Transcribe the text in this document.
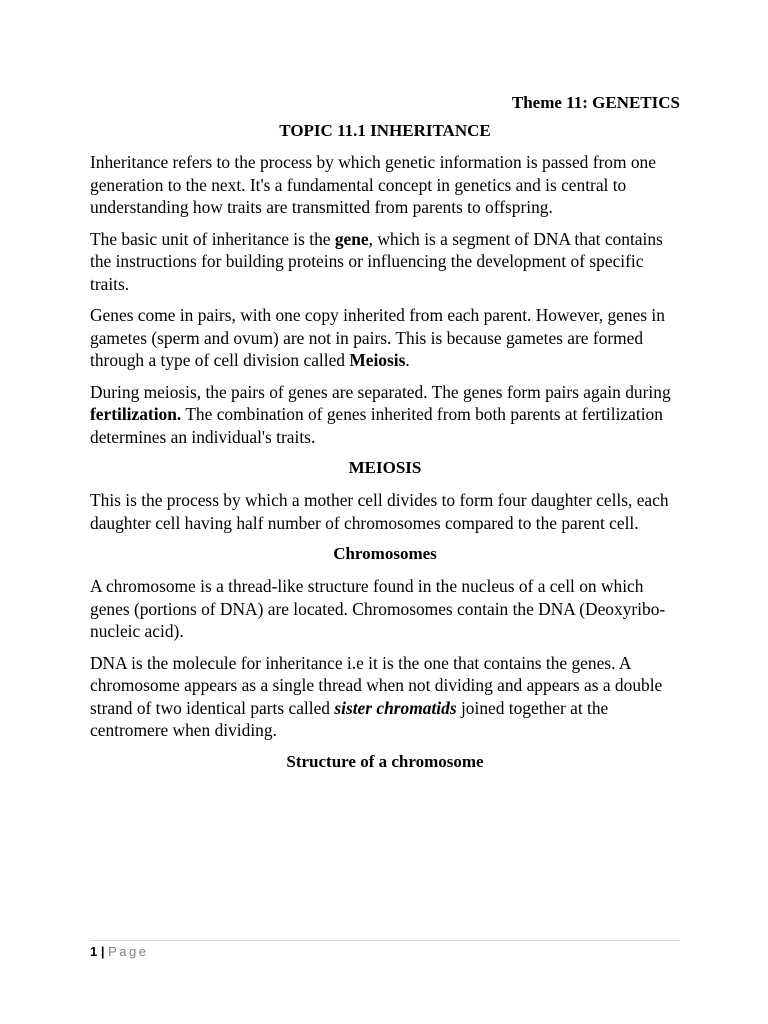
Theme 11: GENETICS
TOPIC 11.1 INHERITANCE

Inheritance refers to the process by which genetic information is passed from one generation to the next. It's a fundamental concept in genetics and is central to understanding how traits are transmitted from parents to offspring.

The basic unit of inheritance is the gene, which is a segment of DNA that contains the instructions for building proteins or influencing the development of specific traits.

Genes come in pairs, with one copy inherited from each parent. However, genes in gametes (sperm and ovum) are not in pairs. This is because gametes are formed through a type of cell division called Meiosis.

During meiosis, the pairs of genes are separated. The genes form pairs again during fertilization. The combination of genes inherited from both parents at fertilization determines an individual's traits.

MEIOSIS

This is the process by which a mother cell divides to form four daughter cells, each daughter cell having half number of chromosomes compared to the parent cell.

Chromosomes

A chromosome is a thread-like structure found in the nucleus of a cell on which genes (portions of DNA) are located. Chromosomes contain the DNA (Deoxyribo-nucleic acid).

DNA is the molecule for inheritance i.e it is the one that contains the genes. A chromosome appears as a single thread when not dividing and appears as a double strand of two identical parts called sister chromatids joined together at the centromere when dividing.

Structure of a chromosome
1 | Page
